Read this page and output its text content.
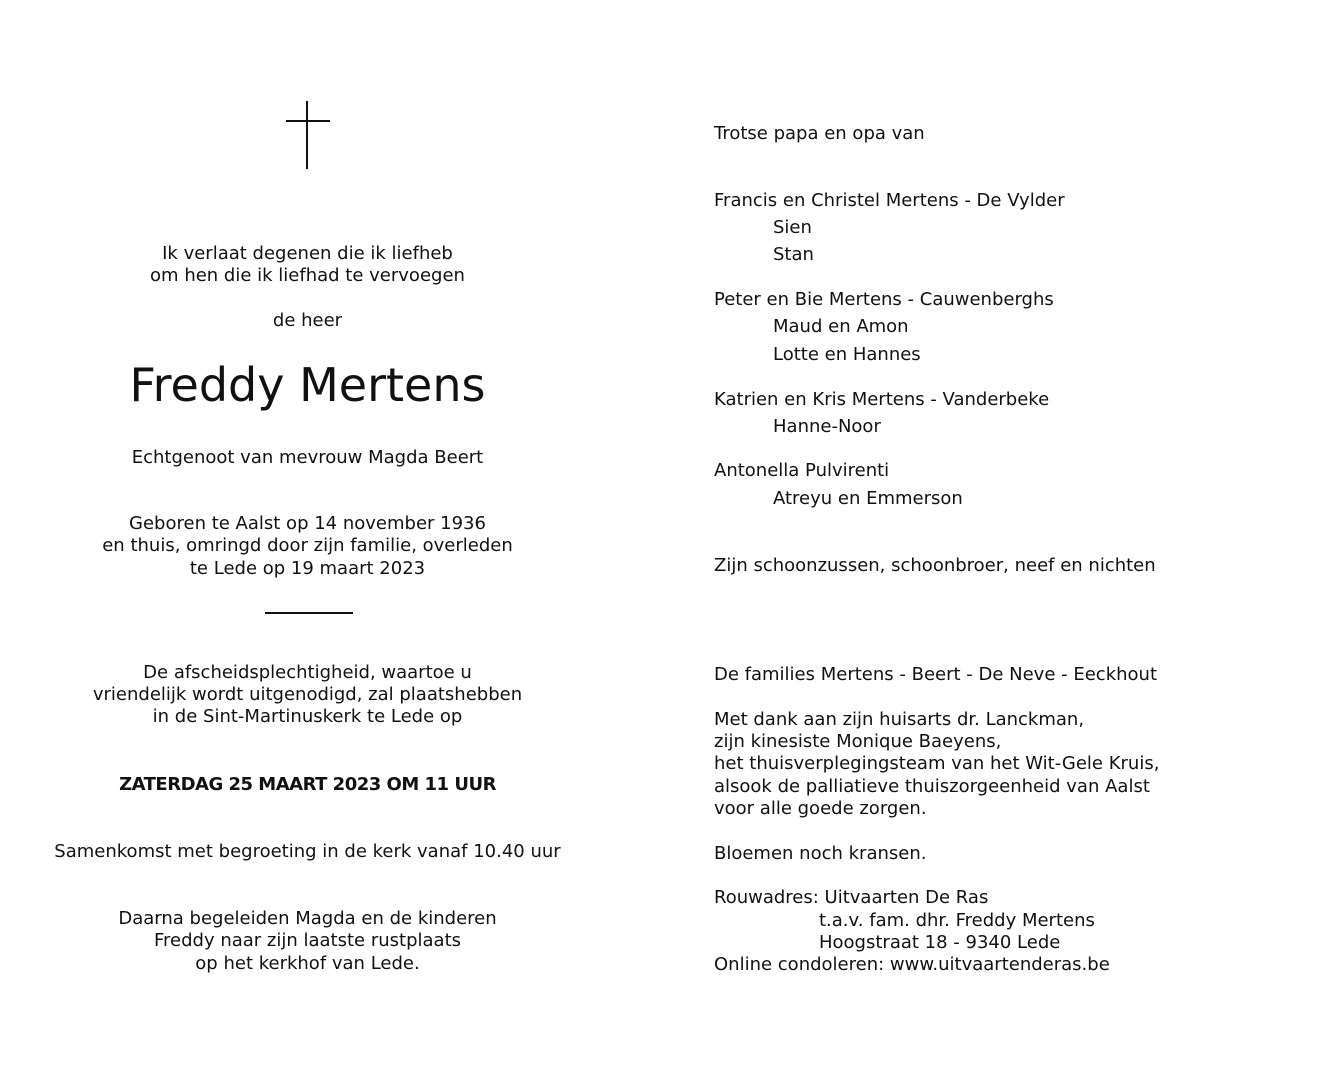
Ik verlaat degenen die ik liefheb
om hen die ik liefhad te vervoegen
de heer
Freddy Mertens
Echtgenoot van mevrouw Magda Beert
Geboren te Aalst op 14 november 1936
en thuis, omringd door zijn familie, overleden
te Lede op 19 maart 2023
De afscheidsplechtigheid, waartoe u
vriendelijk wordt uitgenodigd, zal plaatshebben
in de Sint-Martinuskerk te Lede op
ZATERDAG 25 MAART 2023 OM 11 UUR
Samenkomst met begroeting in de kerk vanaf 10.40 uur
Daarna begeleiden Magda en de kinderen
Freddy naar zijn laatste rustplaats
op het kerkhof van Lede.
Trotse papa en opa van
Francis en Christel Mertens - De Vylder
Sien
Stan
Peter en Bie Mertens - Cauwenberghs
Maud en Amon
Lotte en Hannes
Katrien en Kris Mertens - Vanderbeke
Hanne-Noor
Antonella Pulvirenti
Atreyu en Emmerson
Zijn schoonzussen, schoonbroer, neef en nichten
De families Mertens - Beert - De Neve - Eeckhout
Met dank aan zijn huisarts dr. Lanckman,
zijn kinesiste Monique Baeyens,
het thuisverplegingsteam van het Wit-Gele Kruis,
alsook de palliatieve thuiszorgeenheid van Aalst
voor alle goede zorgen.
Bloemen noch kransen.
Rouwadres: Uitvaarten De Ras
t.a.v. fam. dhr. Freddy Mertens
Hoogstraat 18 - 9340 Lede
Online condoleren: www.uitvaartenderas.be
